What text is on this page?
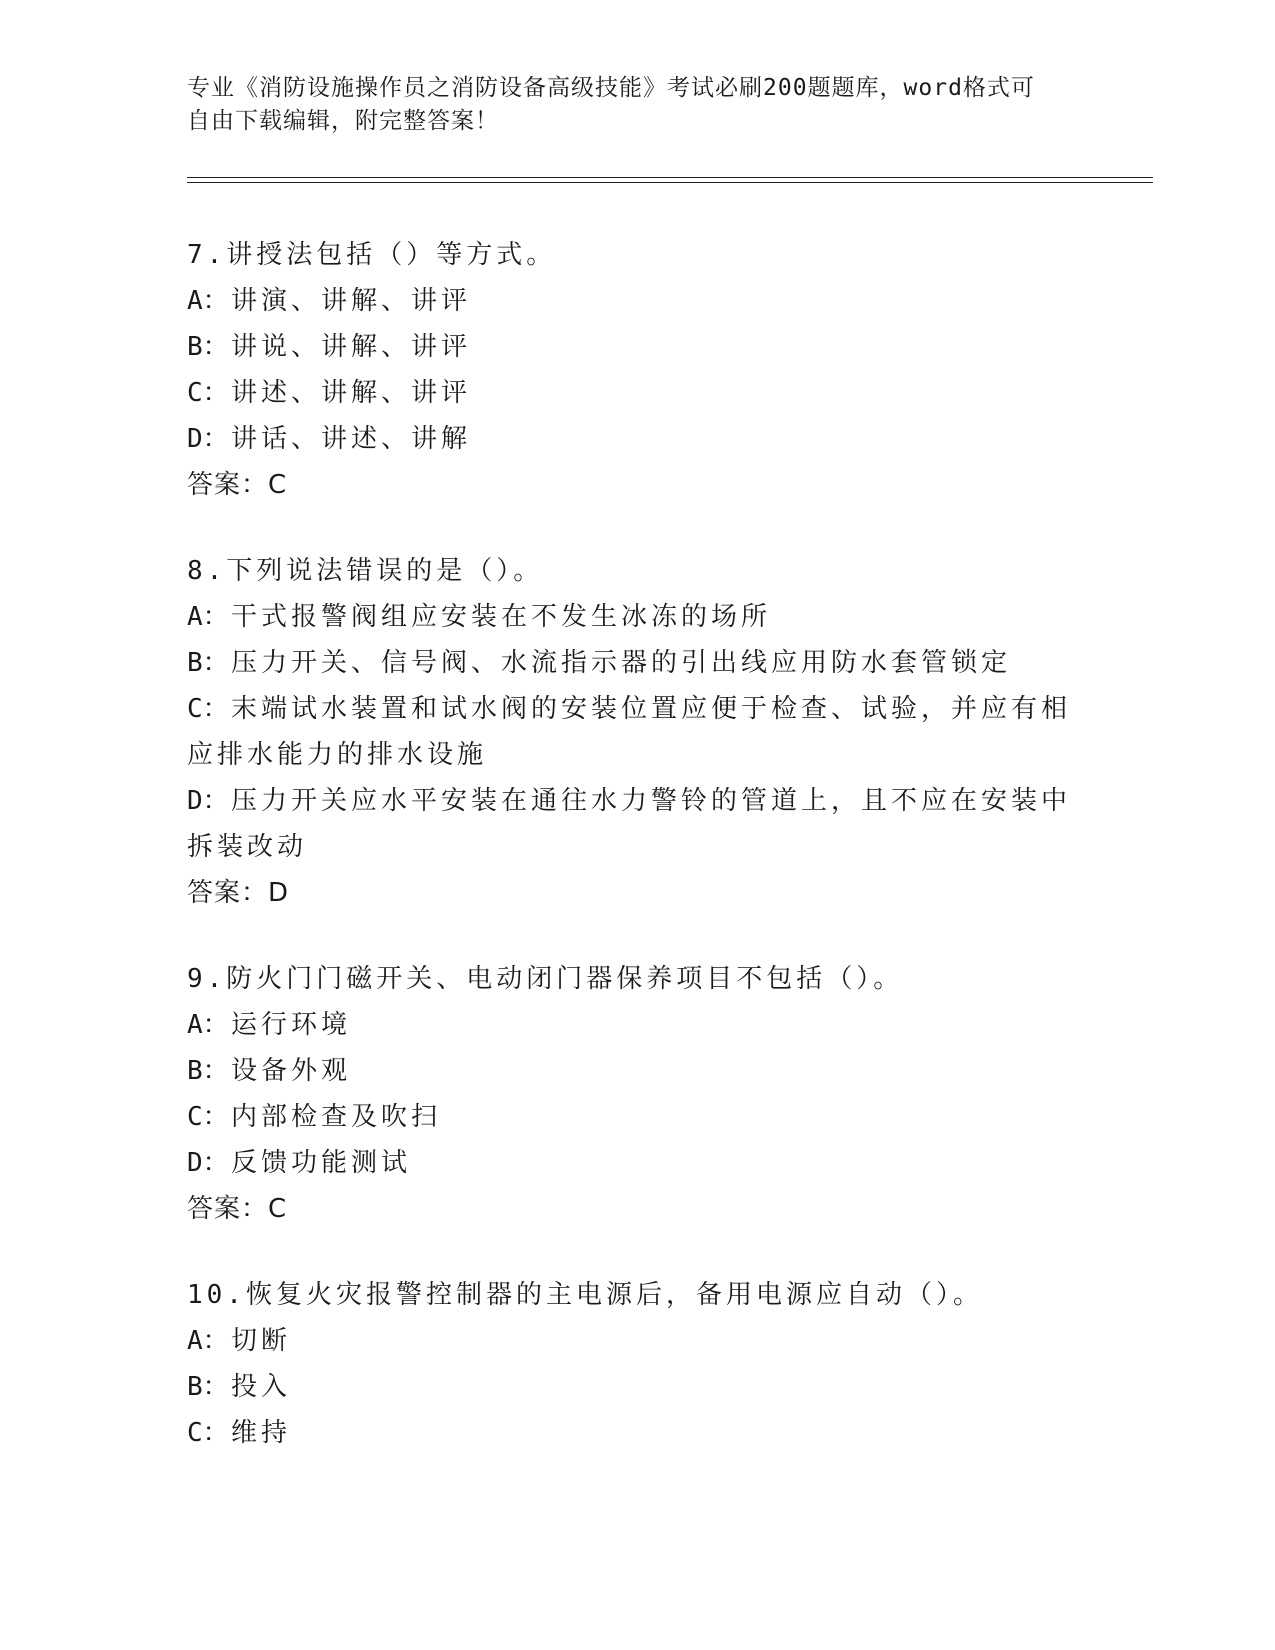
专业《消防设施操作员之消防设备高级技能》考试必刷200题题库，word格式可
自由下载编辑，附完整答案！

7.讲授法包括（）等方式。

A：讲演、讲解、讲评

B：讲说、讲解、讲评

C：讲述、讲解、讲评

D：讲话、讲述、讲解

答案：C

8.下列说法错误的是（）。

A：干式报警阀组应安装在不发生冰冻的场所

B：压力开关、信号阀、水流指示器的引出线应用防水套管锁定

C：末端试水装置和试水阀的安装位置应便于检查、试验，并应有相应排水能力的排水设施

D：压力开关应水平安装在通往水力警铃的管道上，且不应在安装中拆装改动

答案：D

9.防火门门磁开关、电动闭门器保养项目不包括（）。

A：运行环境

B：设备外观

C：内部检查及吹扫

D：反馈功能测试

答案：C

10.恢复火灾报警控制器的主电源后，备用电源应自动（）。

A：切断

B：投入

C：维持
